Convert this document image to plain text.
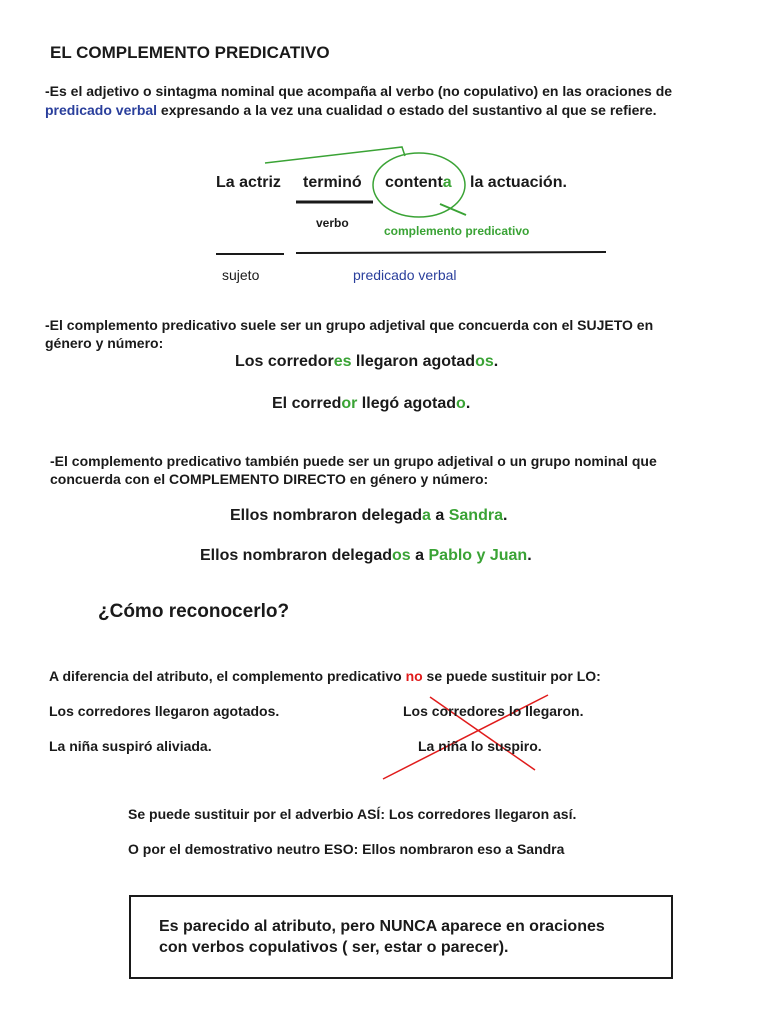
EL COMPLEMENTO PREDICATIVO
-Es el adjetivo o sintagma nominal que acompaña al verbo (no copulativo) en las oraciones de
predicado verbal expresando a la vez una cualidad o estado del sustantivo al que se refiere.
La actriz terminó contenta la actuación.
verbo
complemento predicativo
sujeto	predicado verbal
-El complemento predicativo suele ser un grupo adjetival que concuerda con el SUJETO en
género y número:
Los corredores llegaron agotados.
El corredor llegó agotado.
-El complemento predicativo también puede ser un grupo adjetival o un grupo nominal que
concuerda con el COMPLEMENTO DIRECTO en género y número:
Ellos nombraron delegada a Sandra.
Ellos nombraron delegados a Pablo y Juan.
¿Cómo reconocerlo?
A diferencia del atributo, el complemento predicativo no se puede sustituir por LO:
Los corredores llegaron agotados.
La niña suspiró aliviada.
Los corredores lo llegaron.
La niña lo suspiro.
Se puede sustituir por el adverbio ASÍ: Los corredores llegaron así.
O por el demostrativo neutro ESO: Ellos nombraron eso a Sandra
Es parecido al atributo, pero NUNCA aparece en oraciones
con verbos copulativos ( ser, estar o parecer).
